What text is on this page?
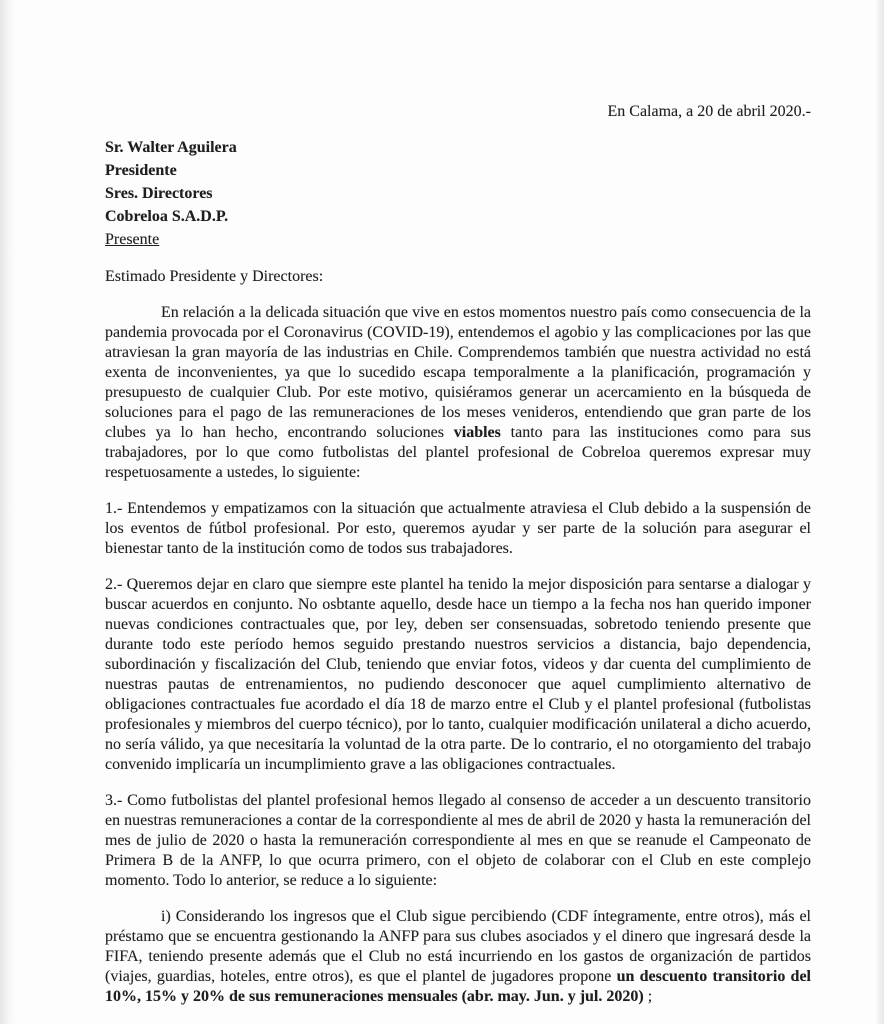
En Calama, a 20 de abril 2020.-
Sr. Walter Aguilera
Presidente
Sres. Directores
Cobreloa S.A.D.P.
Presente
Estimado Presidente y Directores:

En relación a la delicada situación que vive en estos momentos nuestro país como consecuencia de la pandemia provocada por el Coronavirus (COVID-19), entendemos el agobio y las complicaciones por las que atraviesan la gran mayoría de las industrias en Chile. Comprendemos también que nuestra actividad no está exenta de inconvenientes, ya que lo sucedido escapa temporalmente a la planificación, programación y presupuesto de cualquier Club. Por este motivo, quisiéramos generar un acercamiento en la búsqueda de soluciones para el pago de las remuneraciones de los meses venideros, entendiendo que gran parte de los clubes ya lo han hecho, encontrando soluciones viables tanto para las instituciones como para sus trabajadores, por lo que como futbolistas del plantel profesional de Cobreloa queremos expresar muy respetuosamente a ustedes, lo siguiente:

1.- Entendemos y empatizamos con la situación que actualmente atraviesa el Club debido a la suspensión de los eventos de fútbol profesional. Por esto, queremos ayudar y ser parte de la solución para asegurar el bienestar tanto de la institución como de todos sus trabajadores.

2.- Queremos dejar en claro que siempre este plantel ha tenido la mejor disposición para sentarse a dialogar y buscar acuerdos en conjunto. No osbtante aquello, desde hace un tiempo a la fecha nos han querido imponer nuevas condiciones contractuales que, por ley, deben ser consensuadas, sobretodo teniendo presente que durante todo este período hemos seguido prestando nuestros servicios a distancia, bajo dependencia, subordinación y fiscalización del Club, teniendo que enviar fotos, videos y dar cuenta del cumplimiento de nuestras pautas de entrenamientos, no pudiendo desconocer que aquel cumplimiento alternativo de obligaciones contractuales fue acordado el día 18 de marzo entre el Club y el plantel profesional (futbolistas profesionales y miembros del cuerpo técnico), por lo tanto, cualquier modificación unilateral a dicho acuerdo, no sería válido, ya que necesitaría la voluntad de la otra parte. De lo contrario, el no otorgamiento del trabajo convenido implicaría un incumplimiento grave a las obligaciones contractuales.

3.- Como futbolistas del plantel profesional hemos llegado al consenso de acceder a un descuento transitorio en nuestras remuneraciones a contar de la correspondiente al mes de abril de 2020 y hasta la remuneración del mes de julio de 2020 o hasta la remuneración correspondiente al mes en que se reanude el Campeonato de Primera B de la ANFP, lo que ocurra primero, con el objeto de colaborar con el Club en este complejo momento. Todo lo anterior, se reduce a lo siguiente:

i) Considerando los ingresos que el Club sigue percibiendo (CDF íntegramente, entre otros), más el préstamo que se encuentra gestionando la ANFP para sus clubes asociados y el dinero que ingresará desde la FIFA, teniendo presente además que el Club no está incurriendo en los gastos de organización de partidos (viajes, guardias, hoteles, entre otros), es que el plantel de jugadores propone un descuento transitorio del 10%, 15% y 20% de sus remuneraciones mensuales (abr. may. Jun. y jul. 2020) ;
